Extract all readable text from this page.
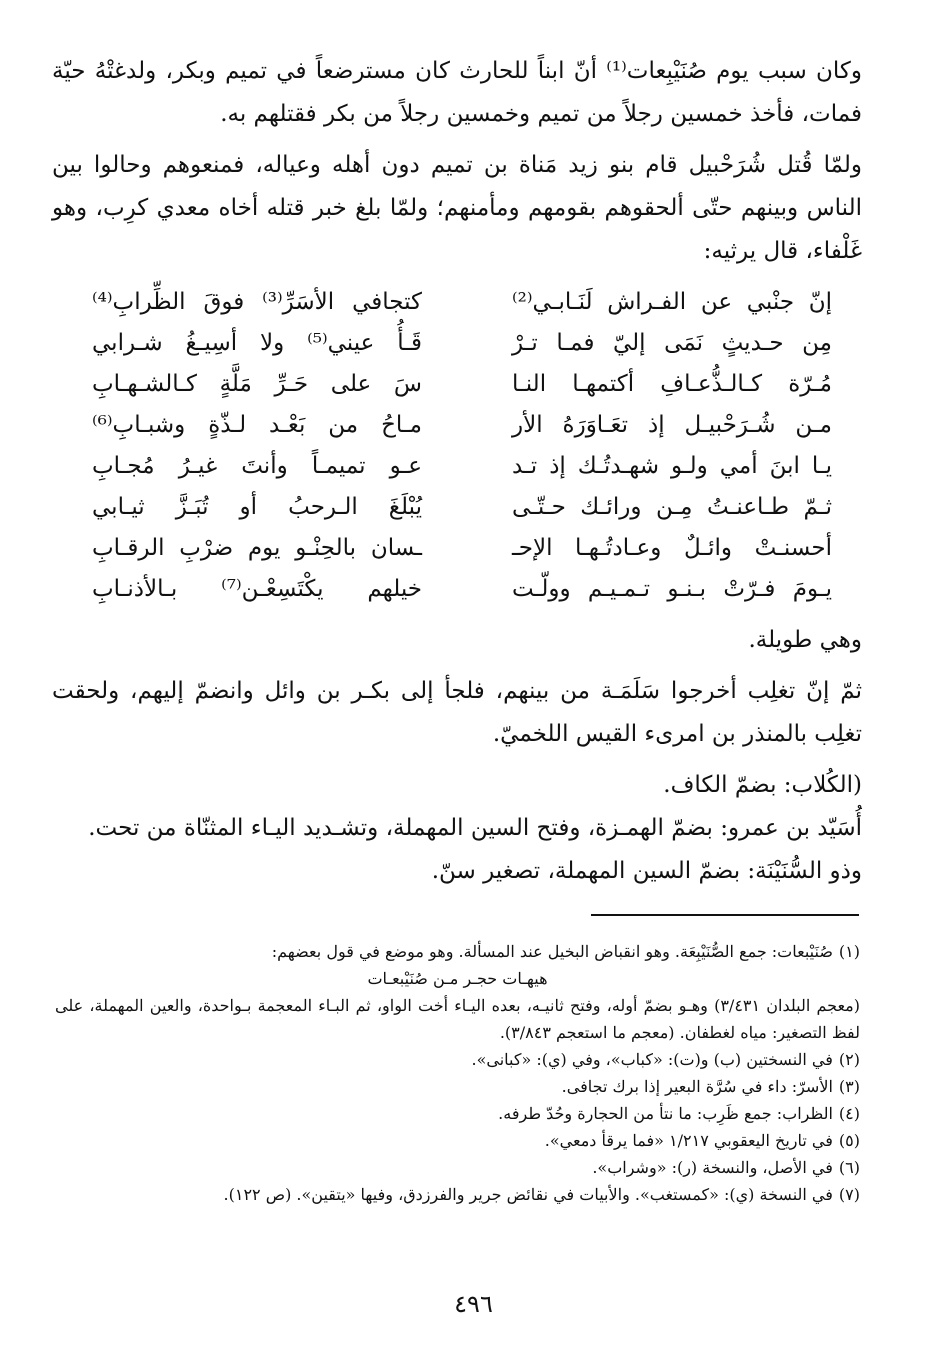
وكان سبب يوم صُنَيْبِعات⁽¹⁾ أنّ ابناً للحارث كان مسترضعاً في تميم وبكر، ولدغتْهُ حيّة فمات، فأخذ خمسين رجلاً من تميم وخمسين رجلاً من بكر فقتلهم به.

ولمّا قُتل شُرَحْبيل قام بنو زيد مَناة بن تميم دون أهله وعياله، فمنعوهم وحالوا بين الناس وبينهم حتّى ألحقوهم بقومهم ومأمنهم؛ ولمّا بلغ خبر قتله أخاه معدي كرِب، وهو غَلْفاء، قال يرثيه:

إنّ جنْبي عن الفـراش لَنَـابـي⁽²⁾
كتجافي الأسَرِّ⁽³⁾ فوقَ الظِّرابِ⁽⁴⁾
مِن حـديثٍ نَمَى إليّ فمـا تـرْ
قَـأُ عيني⁽⁵⁾ ولا أسِيـغُ شـرابي
مُـرّة كـالـذُّعـافِ أكتمهـا النـا
سَ على حَـرِّ مَلَّةٍ كـالشـهـابِ
مـن شُـرَحْبيـل إذ تعَـاوَرَهُ الأر
مـاحُ من بَعْـد لـذّةٍ وشبـابِ⁽⁶⁾
يـا ابنَ أمي ولـو شهـدتُـك إذ تـد
عـو تميمـاً وأنتَ غيـرُ مُجـابِ
ثـمّ طـاعنـتُ مِـن ورائـك حـتّـى
يُبْلَغَ الـرحبُ أو تُبَـزَّ ثيـابي
أحسنـتْ وائـلٌ وعـادتُـهـا الإحـ
ـسان بالحِنْـو يوم ضرْبِ الرقـابِ
يـومَ فـرّتْ بـنـو تـمـيـم وولّـت
خيلهم يكْتَسِعْـن⁽⁷⁾ بـالأذنـابِ

وهي طويلة.

ثمّ إنّ تغلِب أخرجوا سَلَمَـة من بينهم، فلجأ إلى بكـر بن وائل وانضمّ إليهم، ولحقت تغلِب بالمنذر بن امرىء القيس اللخميّ.

(الكُلاب: بضمّ الكاف.

أُسَيّد بن عمرو: بضمّ الهمـزة، وفتح السين المهملة، وتشـديد اليـاء المثنّاة من تحت.

وذو السُّنَيْنَة: بضمّ السين المهملة، تصغير سنّ.

(١)صُنَيْبعات: جمع الصُّنَيْبِعَة. وهو انقباض البخيل عند المسألة. وهو موضع في قول بعضهم:

هيهـات حجـر مـن صُنَيْبعـات

(معجم البلدان ٣/٤٣١) وهـو بضمّ أوله، وفتح ثانيـه، بعده اليـاء أخت الواو، ثم البـاء المعجمة بـواحدة، والعين المهملة، على لفظ التصغير: مياه لغطفان. (معجم ما استعجم ٣/٨٤٣).

(٢)في النسختين (ب) و(ت): «كباب»، وفي (ي): «كبانى».

(٣)الأسرّ: داء في سُرَّة البعير إذا برك تجافى.

(٤)الظراب: جمع ظَرِب: ما نتأ من الحجارة وحُدّ طرفه.

(٥)في تاريخ اليعقوبي ١/٢١٧ «فما يرقأ دمعي».

(٦)في الأصل، والنسخة (ر): «وشراب».

(٧)في النسخة (ي): «كمستغب». والأبيات في نقائض جرير والفرزدق، وفيها «يتقين». (ص ١٢٢).

٤٩٦
